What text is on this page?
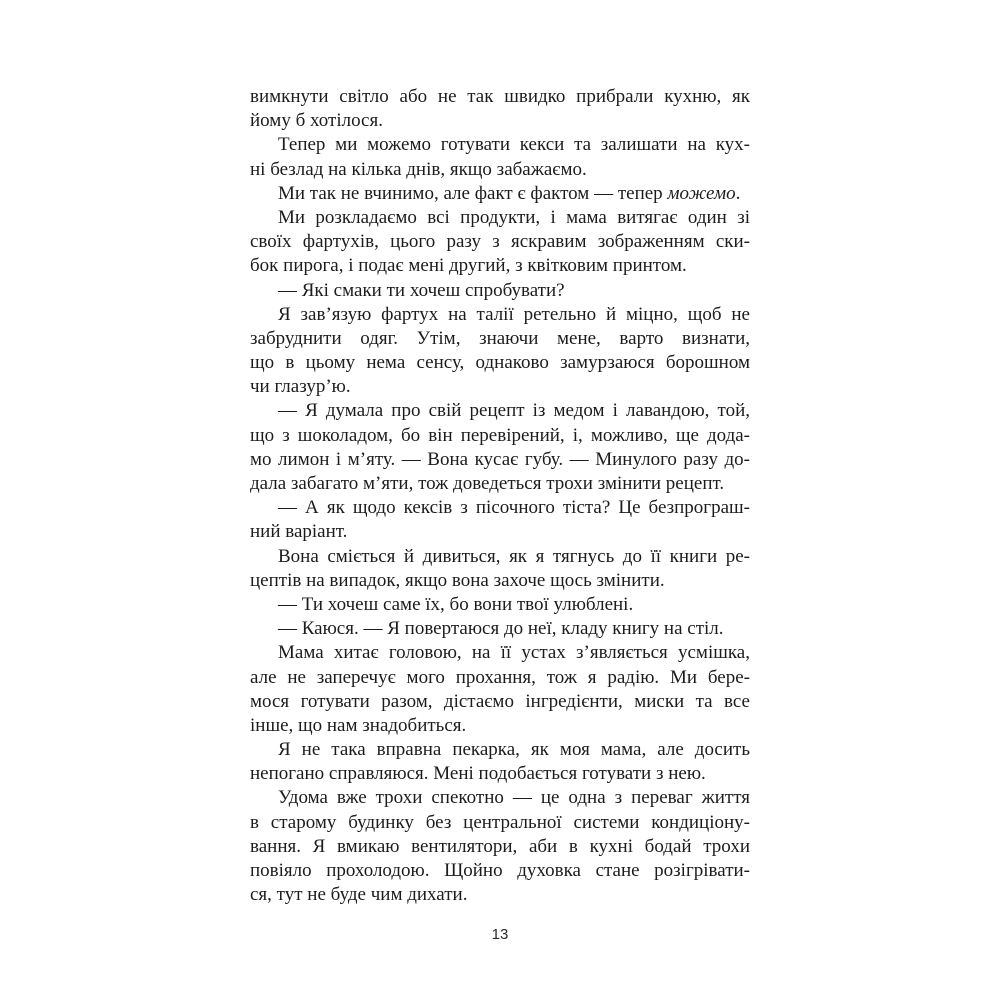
вимкнути світло або не так швидко прибрали кухню, як
йому б хотілося.
Тепер ми можемо готувати кекси та залишати на кух-
ні безлад на кілька днів, якщо забажаємо.
Ми так не вчинимо, але факт є фактом — тепер можемо.
Ми розкладаємо всі продукти, і мама витягає один зі
своїх фартухів, цього разу з яскравим зображенням ски-
бок пирога, і подає мені другий, з квітковим принтом.
— Які смаки ти хочеш спробувати?
Я зав’язую фартух на талії ретельно й міцно, щоб не
забруднити одяг. Утім, знаючи мене, варто визнати,
що в цьому нема сенсу, однаково замурзаюся борошном
чи глазур’ю.
— Я думала про свій рецепт із медом і лавандою, той,
що з шоколадом, бо він перевірений, і, можливо, ще дода-
мо лимон і м’яту. — Вона кусає губу. — Минулого разу до-
дала забагато м’яти, тож доведеться трохи змінити рецепт.
— А як щодо кексів з пісочного тіста? Це безпрограш-
ний варіант.
Вона сміється й дивиться, як я тягнусь до її книги ре-
цептів на випадок, якщо вона захоче щось змінити.
— Ти хочеш саме їх, бо вони твої улюблені.
— Каюся. — Я повертаюся до неї, кладу книгу на стіл.
Мама хитає головою, на її устах з’являється усмішка,
але не заперечує мого прохання, тож я радію. Ми бере-
мося готувати разом, дістаємо інгредієнти, миски та все
інше, що нам знадобиться.
Я не така вправна пекарка, як моя мама, але досить
непогано справляюся. Мені подобається готувати з нею.
Удома вже трохи спекотно — це одна з переваг життя
в старому будинку без центральної системи кондиціону-
вання. Я вмикаю вентилятори, аби в кухні бодай трохи
повіяло прохолодою. Щойно духовка стане розігрівати-
ся, тут не буде чим дихати.
13
